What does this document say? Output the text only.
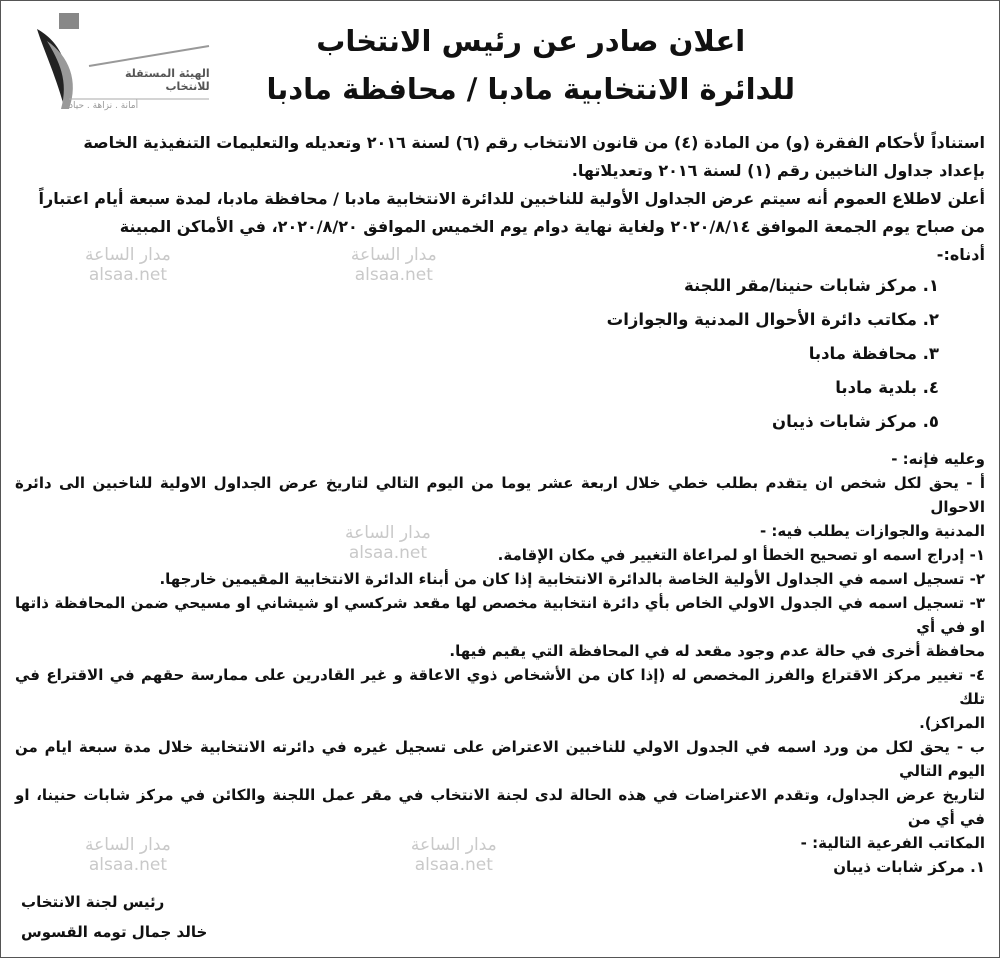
الهيئة المستقلة
للانتخاب
أمانة . نزاهة . حياد
اعلان صادر عن رئيس الانتخاب
للدائرة الانتخابية مادبا / محافظة مادبا
استناداً لأحكام الفقرة (و) من المادة (٤) من قانون الانتخاب رقم (٦) لسنة ٢٠١٦ وتعديله والتعليمات التنفيذية الخاصة
بإعداد جداول الناخبين رقم (١) لسنة ٢٠١٦ وتعديلاتها.
أعلن لاطلاع العموم أنه سيتم عرض الجداول الأولية للناخبين للدائرة الانتخابية مادبا / محافظة مادبا، لمدة سبعة أيام اعتباراً
من صباح يوم الجمعة الموافق ٢٠٢٠/٨/١٤ ولغاية نهاية دوام يوم الخميس الموافق ٢٠٢٠/٨/٢٠، في الأماكن المبينة
أدناه:-
١. مركز شابات حنينا/مقر اللجنة
٢. مكاتب دائرة الأحوال المدنية والجوازات
٣. محافظة مادبا
٤. بلدية مادبا
٥. مركز شابات ذيبان
مدار الساعة
alsaa.net
مدار الساعة
alsaa.net
وعليه فإنه: -
أ - يحق لكل شخص ان يتقدم بطلب خطي خلال اربعة عشر يوما من اليوم التالي لتاريخ عرض الجداول الاولية للناخبين الى دائرة الاحوال
المدنية والجوازات يطلب فيه: -
١- إدراج اسمه او تصحيح الخطأ او لمراعاة التغيير في مكان الإقامة.
مدار الساعة
alsaa.net
٢- تسجيل اسمه في الجداول الأولية الخاصة بالدائرة الانتخابية إذا كان من أبناء الدائرة الانتخابية المقيمين خارجها.
٣- تسجيل اسمه في الجدول الاولي الخاص بأي دائرة انتخابية مخصص لها مقعد شركسي او شيشاني او مسيحي ضمن المحافظة ذاتها او في أي
محافظة أخرى في حالة عدم وجود مقعد له في المحافظة التي يقيم فيها.
٤- تغيير مركز الاقتراع والفرز المخصص له (إذا كان من الأشخاص ذوي الاعاقة و غير القادرين على ممارسة حقهم في الاقتراع في تلك
المراكز).
ب - يحق لكل من ورد اسمه في الجدول الاولي للناخبين الاعتراض على تسجيل غيره في دائرته الانتخابية خلال مدة سبعة ايام من اليوم التالي
لتاريخ عرض الجداول، وتقدم الاعتراضات في هذه الحالة لدى لجنة الانتخاب في مقر عمل اللجنة والكائن في مركز شابات حنينا، او في أي من
المكاتب الفرعية التالية: -
١. مركز شابات ذيبان
مدار الساعة
alsaa.net
مدار الساعة
alsaa.net
رئيس لجنة الانتخاب
خالد جمال تومه القسوس
